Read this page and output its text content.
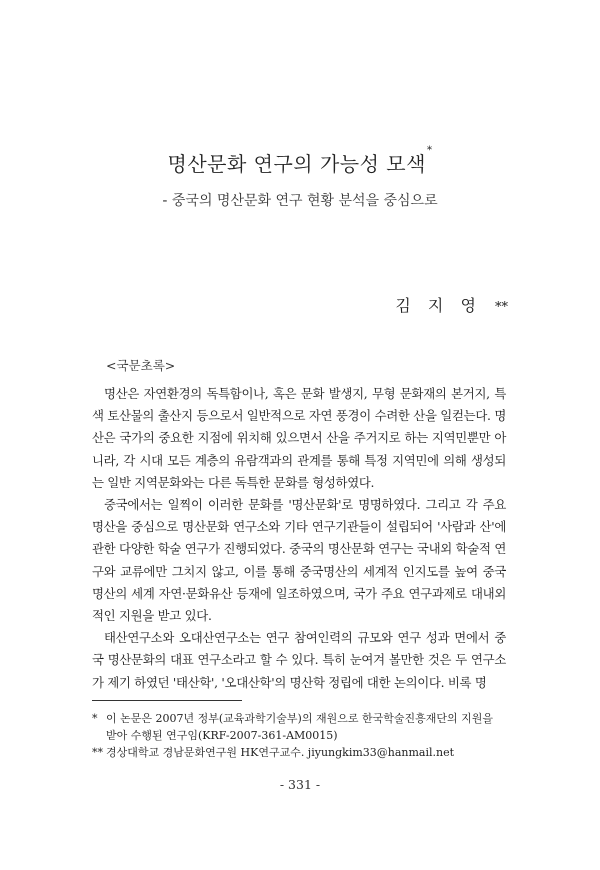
명산문화 연구의 가능성 모색*
- 중국의 명산문화 연구 현황 분석을 중심으로
김 지 영 **
<국문초록>

명산은 자연환경의 독특함이나, 혹은 문화 발생지, 무형 문화재의 본거지, 특색 토산물의 출산지 등으로서 일반적으로 자연 풍경이 수려한 산을 일컫는다. 명산은 국가의 중요한 지점에 위치해 있으면서 산을 주거지로 하는 지역민뿐만 아니라, 각 시대 모든 계층의 유람객과의 관계를 통해 특정 지역민에 의해 생성되는 일반 지역문화와는 다른 독특한 문화를 형성하였다.

중국에서는 일찍이 이러한 문화를 '명산문화'로 명명하였다. 그리고 각 주요 명산을 중심으로 명산문화 연구소와 기타 연구기관들이 설립되어 '사람과 산'에 관한 다양한 학술 연구가 진행되었다. 중국의 명산문화 연구는 국내외 학술적 연구와 교류에만 그치지 않고, 이를 통해 중국명산의 세계적 인지도를 높여 중국 명산의 세계 자연·문화유산 등재에 일조하였으며, 국가 주요 연구과제로 대내외적인 지원을 받고 있다.

태산연구소와 오대산연구소는 연구 참여인력의 규모와 연구 성과 면에서 중국 명산문화의 대표 연구소라고 할 수 있다. 특히 눈여겨 볼만한 것은 두 연구소가 제기 하였던 '태산학', '오대산학'의 명산학 정립에 대한 논의이다. 비록 명

* 이 논문은 2007년 정부(교육과학기술부)의 재원으로 한국학술진흥재단의 지원을 받아 수행된 연구임(KRF-2007-361-AM0015)
** 경상대학교 경남문화연구원 HK연구교수. jiyungkim33@hanmail.net
- 331 -
